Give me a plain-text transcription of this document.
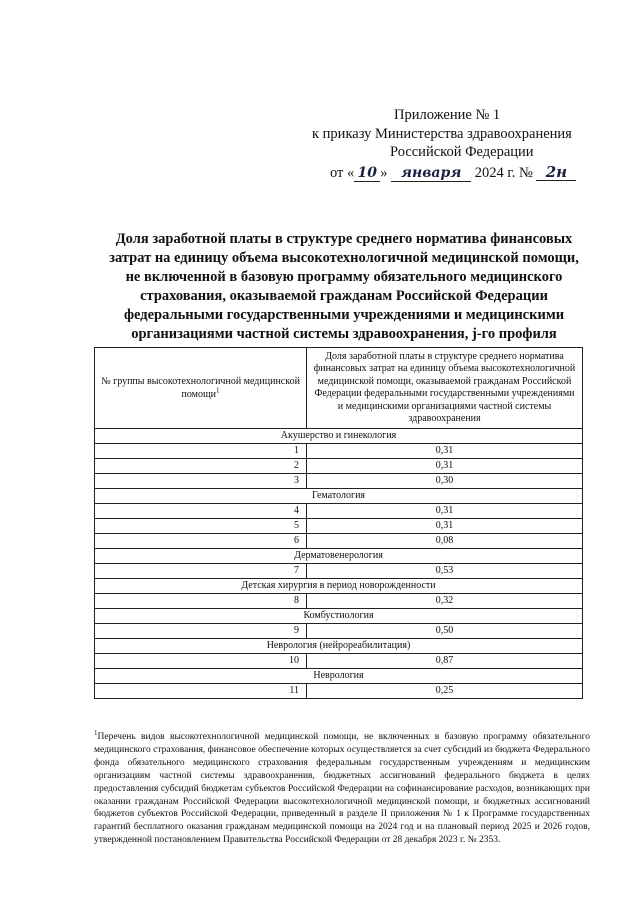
Приложение № 1
к приказу Министерства здравоохранения
Российской Федерации
от « 10 » января 2024 г. № 2н
Доля заработной платы в структуре среднего норматива финансовых
затрат на единицу объема высокотехнологичной медицинской помощи,
не включенной в базовую программу обязательного медицинского
страхования, оказываемой гражданам Российской Федерации
федеральными государственными учреждениями и медицинскими
организациями частной системы здравоохранения, j-го профиля
№ группы высокотехнологичной медицинской помощи$^1$	Доля заработной платы в структуре среднего норматива финансовых затрат на единицу объема высокотехнологичной медицинской помощи, оказываемой гражданам Российской Федерации федеральными государственными учреждениями и медицинскими организациями частной системы здравоохранения
Акушерство и гинекология	
1	0,31
2	0,31
3	0,30
Гематология	
4	0,31
5	0,31
6	0,08
Дерматовенерология	
7	0,53
Детская хирургия в период новорожденности	
8	0,32
Комбустиология	
9	0,50
Неврология (нейрореабилитация)	
10	0,87
Неврология	
11	0,25
$^1$Перечень видов высокотехнологичной медицинской помощи, не включенных в базовую программу обязательного медицинского страхования, финансовое обеспечение которых осуществляется за счет субсидий из бюджета Федерального фонда обязательного медицинского страхования федеральным государственным учреждениям и медицинским организациям частной системы здравоохранения, бюджетных ассигнований федерального бюджета в целях предоставления субсидий бюджетам субъектов Российской Федерации на софинансирование расходов, возникающих при оказании гражданам Российской Федерации высокотехнологичной медицинской помощи, и бюджетных ассигнований бюджетов субъектов Российской Федерации, приведенный в разделе II приложения № 1 к Программе государственных гарантий бесплатного оказания гражданам медицинской помощи на 2024 год и на плановый период 2025 и 2026 годов, утвержденной постановлением Правительства Российской Федерации от 28 декабря 2023 г. № 2353.
